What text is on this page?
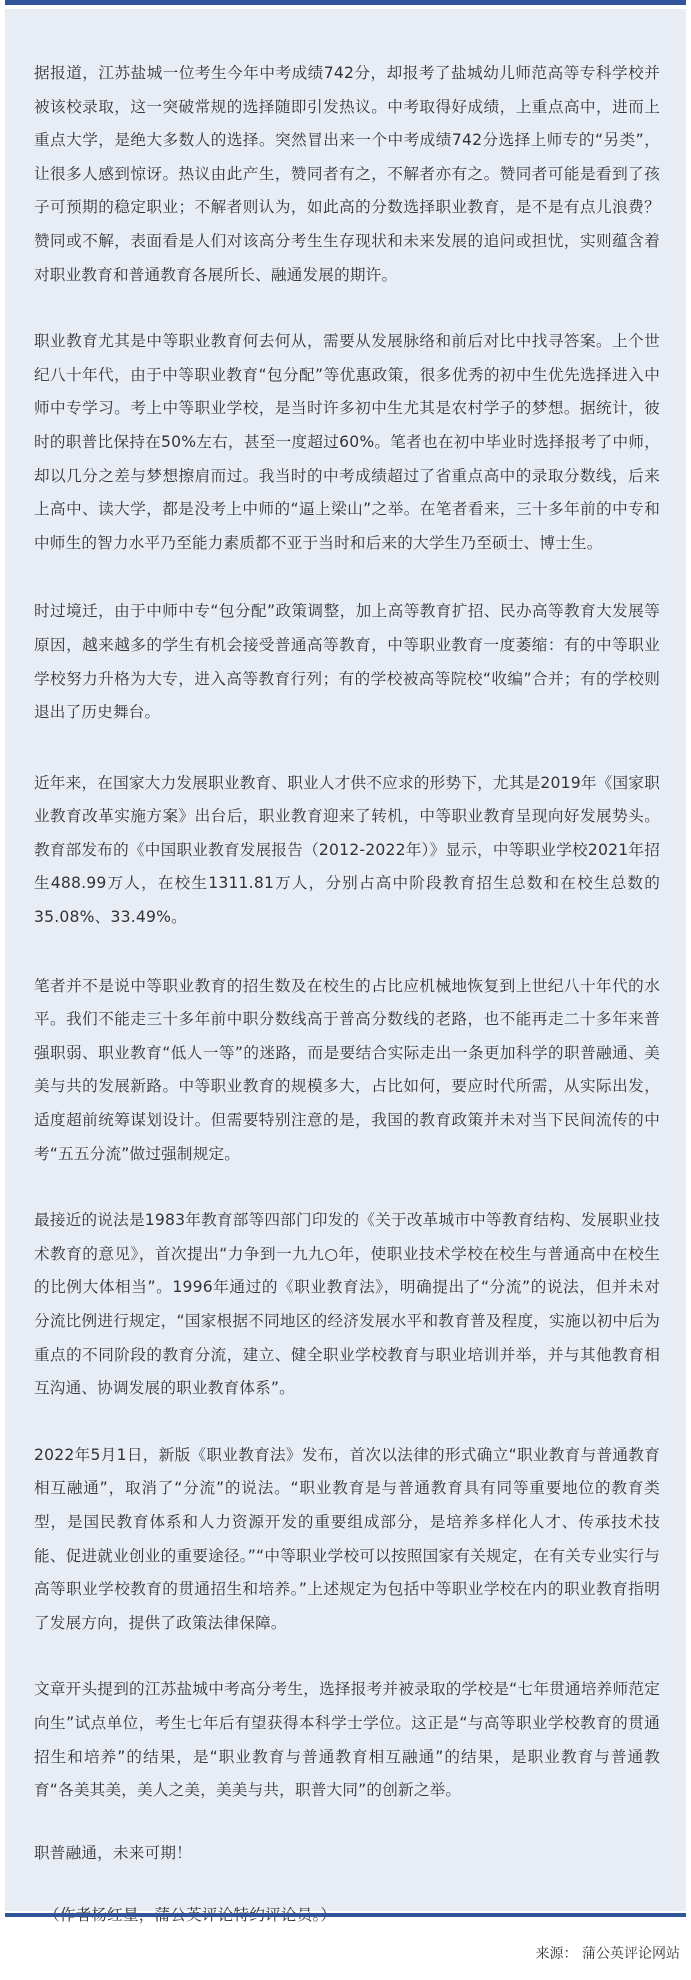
据报道，江苏盐城一位考生今年中考成绩742分，却报考了盐城幼儿师范高等专科学校并被该校录取，这一突破常规的选择随即引发热议。中考取得好成绩，上重点高中，进而上重点大学，是绝大多数人的选择。突然冒出来一个中考成绩742分选择上师专的“另类”，让很多人感到惊讶。热议由此产生，赞同者有之，不解者亦有之。赞同者可能是看到了孩子可预期的稳定职业；不解者则认为，如此高的分数选择职业教育，是不是有点儿浪费？赞同或不解，表面看是人们对该高分考生生存现状和未来发展的追问或担忧，实则蕴含着对职业教育和普通教育各展所长、融通发展的期许。

职业教育尤其是中等职业教育何去何从，需要从发展脉络和前后对比中找寻答案。上个世纪八十年代，由于中等职业教育“包分配”等优惠政策，很多优秀的初中生优先选择进入中师中专学习。考上中等职业学校，是当时许多初中生尤其是农村学子的梦想。据统计，彼时的职普比保持在50%左右，甚至一度超过60%。笔者也在初中毕业时选择报考了中师，却以几分之差与梦想擦肩而过。我当时的中考成绩超过了省重点高中的录取分数线，后来上高中、读大学，都是没考上中师的“逼上梁山”之举。在笔者看来，三十多年前的中专和中师生的智力水平乃至能力素质都不亚于当时和后来的大学生乃至硕士、博士生。

时过境迁，由于中师中专“包分配”政策调整，加上高等教育扩招、民办高等教育大发展等原因，越来越多的学生有机会接受普通高等教育，中等职业教育一度萎缩：有的中等职业学校努力升格为大专，进入高等教育行列；有的学校被高等院校“收编”合并；有的学校则退出了历史舞台。

近年来，在国家大力发展职业教育、职业人才供不应求的形势下，尤其是2019年《国家职业教育改革实施方案》出台后，职业教育迎来了转机，中等职业教育呈现向好发展势头。教育部发布的《中国职业教育发展报告（2012-2022年）》显示，中等职业学校2021年招生488.99万人，在校生1311.81万人，分别占高中阶段教育招生总数和在校生总数的35.08%、33.49%。

笔者并不是说中等职业教育的招生数及在校生的占比应机械地恢复到上世纪八十年代的水平。我们不能走三十多年前中职分数线高于普高分数线的老路，也不能再走二十多年来普强职弱、职业教育“低人一等”的迷路，而是要结合实际走出一条更加科学的职普融通、美美与共的发展新路。中等职业教育的规模多大，占比如何，要应时代所需，从实际出发，适度超前统筹谋划设计。但需要特别注意的是，我国的教育政策并未对当下民间流传的中考“五五分流”做过强制规定。

最接近的说法是1983年教育部等四部门印发的《关于改革城市中等教育结构、发展职业技术教育的意见》，首次提出“力争到一九九○年，使职业技术学校在校生与普通高中在校生的比例大体相当”。1996年通过的《职业教育法》，明确提出了“分流”的说法，但并未对分流比例进行规定，“国家根据不同地区的经济发展水平和教育普及程度，实施以初中后为重点的不同阶段的教育分流，建立、健全职业学校教育与职业培训并举，并与其他教育相互沟通、协调发展的职业教育体系”。

2022年5月1日，新版《职业教育法》发布，首次以法律的形式确立“职业教育与普通教育相互融通”，取消了“分流”的说法。“职业教育是与普通教育具有同等重要地位的教育类型，是国民教育体系和人力资源开发的重要组成部分，是培养多样化人才、传承技术技能、促进就业创业的重要途径。”“中等职业学校可以按照国家有关规定，在有关专业实行与高等职业学校教育的贯通招生和培养。”上述规定为包括中等职业学校在内的职业教育指明了发展方向，提供了政策法律保障。

文章开头提到的江苏盐城中考高分考生，选择报考并被录取的学校是“七年贯通培养师范定向生”试点单位，考生七年后有望获得本科学士学位。这正是“与高等职业学校教育的贯通招生和培养”的结果，是“职业教育与普通教育相互融通”的结果，是职业教育与普通教育“各美其美，美人之美，美美与共，职普大同”的创新之举。

职普融通，未来可期！

来源： 蒲公英评论网站
